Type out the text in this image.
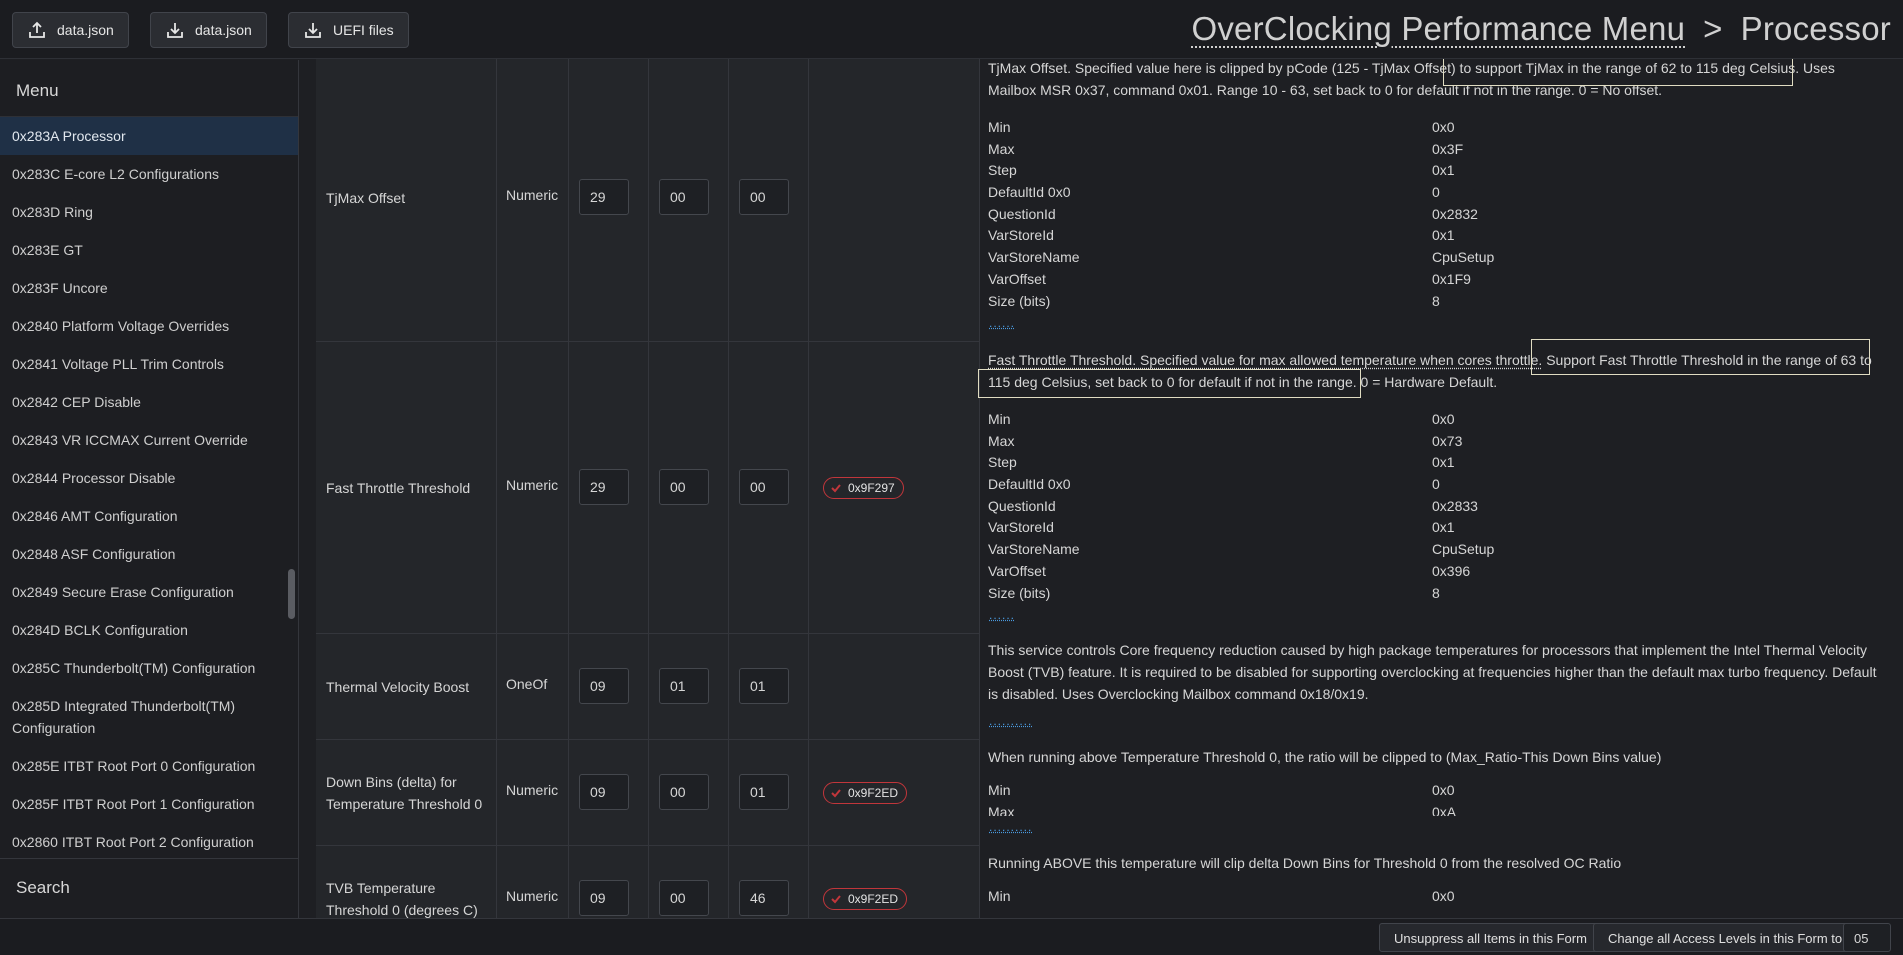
data.json	data.json	UEFI files	OverClocking Performance Menu > Processor
Menu
0x283A Processor
0x283C E-core L2 Configurations
0x283D Ring
0x283E GT
0x283F Uncore
0x2840 Platform Voltage Overrides
0x2841 Voltage PLL Trim Controls
0x2842 CEP Disable
0x2843 VR ICCMAX Current Override
0x2844 Processor Disable
0x2846 AMT Configuration
0x2848 ASF Configuration
0x2849 Secure Erase Configuration
0x284D BCLK Configuration
0x285C Thunderbolt(TM) Configuration
0x285D Integrated Thunderbolt(TM) Configuration
0x285E ITBT Root Port 0 Configuration
0x285F ITBT Root Port 1 Configuration
0x2860 ITBT Root Port 2 Configuration
Search
TjMax Offset	Numeric	29	00	00
TjMax Offset. Specified value here is clipped by pCode (125 - TjMax Offset) to support TjMax in the range of 62 to 115 deg Celsius. Uses Mailbox MSR 0x37, command 0x01. Range 10 - 63, set back to 0 for default if not in the range. 0 = No offset.
Min	0x0
Max	0x3F
Step	0x1
DefaultId 0x0	0
QuestionId	0x2832
VarStoreId	0x1
VarStoreName	CpuSetup
VarOffset	0x1F9
Size (bits)	8
......
Fast Throttle Threshold	Numeric	29	00	00	0x9F297
Fast Throttle Threshold. Specified value for max allowed temperature when cores throttle. Support Fast Throttle Threshold in the range of 63 to 115 deg Celsius, set back to 0 for default if not in the range. 0 = Hardware Default.
Min	0x0
Max	0x73
Step	0x1
DefaultId 0x0	0
QuestionId	0x2833
VarStoreId	0x1
VarStoreName	CpuSetup
VarOffset	0x396
Size (bits)	8
......
Thermal Velocity Boost	OneOf	09	01	01
This service controls Core frequency reduction caused by high package temperatures for processors that implement the Intel Thermal Velocity Boost (TVB) feature. It is required to be disabled for supporting overclocking at frequencies higher than the default max turbo frequency. Default is disabled. Uses Overclocking Mailbox command 0x18/0x19.
..........
Down Bins (delta) for Temperature Threshold 0
Numeric	09	00	01	0x9F2ED
When running above Temperature Threshold 0, the ratio will be clipped to (Max_Ratio-This Down Bins value)
Min	0x0
Max	0xA
..........
TVB Temperature Threshold 0 (degrees C)
Numeric	09	00	46	0x9F2ED
Running ABOVE this temperature will clip delta Down Bins for Threshold 0 from the resolved OC Ratio
Min	0x0
Unsuppress all Items in this Form	Change all Access Levels in this Form to 05
